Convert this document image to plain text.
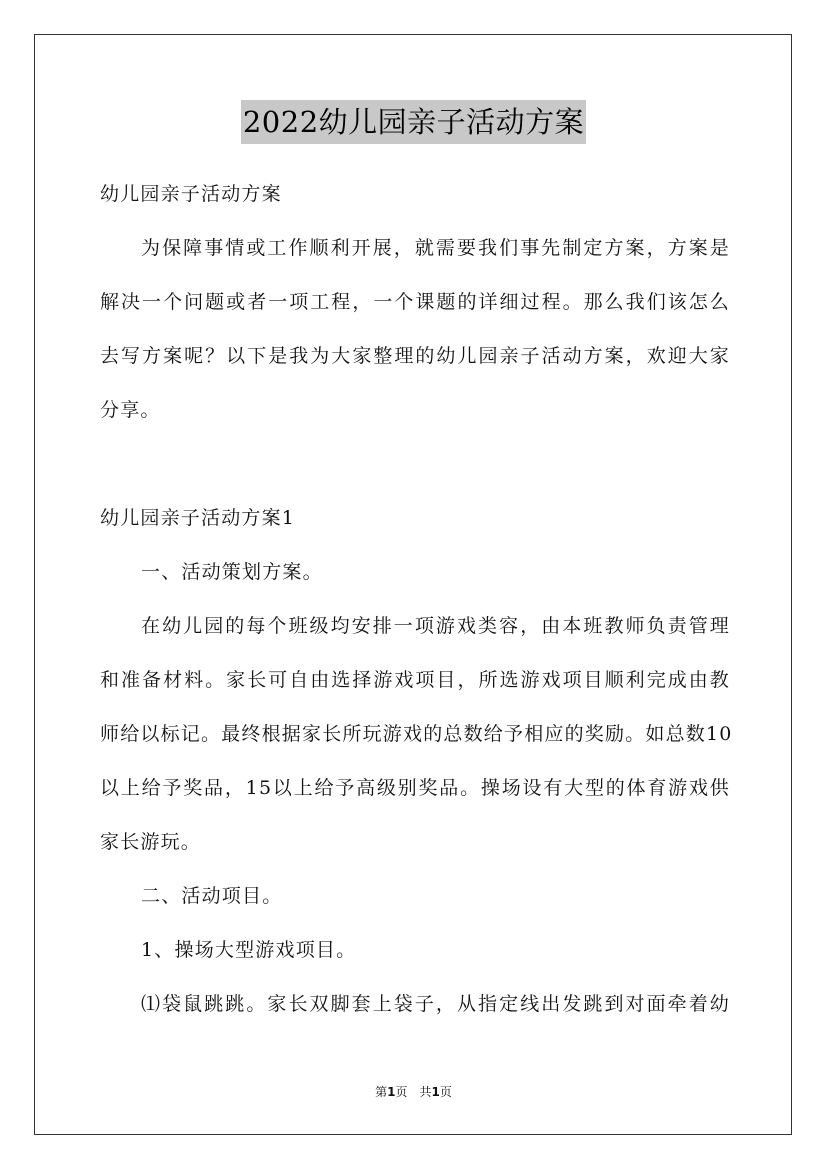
2022幼儿园亲子活动方案
幼儿园亲子活动方案
为保障事情或工作顺利开展，就需要我们事先制定方案，方案是
解决一个问题或者一项工程，一个课题的详细过程。那么我们该怎么
去写方案呢？以下是我为大家整理的幼儿园亲子活动方案，欢迎大家
分享。
幼儿园亲子活动方案1
一、活动策划方案。
在幼儿园的每个班级均安排一项游戏类容，由本班教师负责管理
和准备材料。家长可自由选择游戏项目，所选游戏项目顺利完成由教
师给以标记。最终根据家长所玩游戏的总数给予相应的奖励。如总数10
以上给予奖品，15以上给予高级别奖品。操场设有大型的体育游戏供
家长游玩。
二、活动项目。
1、操场大型游戏项目。
⑴袋鼠跳跳。家长双脚套上袋子，从指定线出发跳到对面牵着幼
第1页　共1页
